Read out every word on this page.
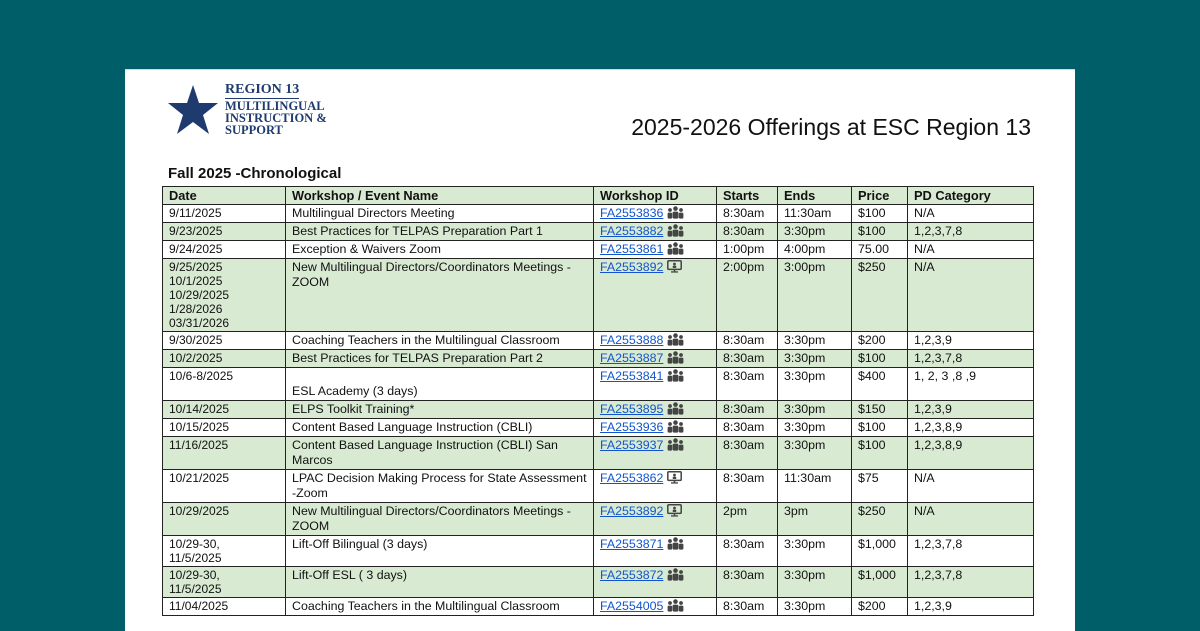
REGION 13
MULTILINGUAL
INSTRUCTION &
SUPPORT	2025-2026 Offerings at ESC Region 13
Fall 2025 -Chronological
Date	Workshop / Event Name	Workshop ID	Starts	Ends	Price	PD Category

9/11/2025	Multilingual Directors Meeting	FA2553836	8:30am	11:30am	$100	N/A

9/23/2025	Best Practices for TELPAS Preparation Part 1	FA2553882	8:30am	3:30pm	$100	1,2,3,7,8

9/24/2025	Exception & Waivers Zoom	FA2553861	1:00pm	4:00pm	75.00	N/A

9/25/2025
10/1/2025
10/29/2025
1/28/2026
03/31/2026	New Multilingual Directors/Coordinators Meetings -ZOOM	FA2553892	2:00pm	3:00pm	$250	N/A

9/30/2025	Coaching Teachers in the Multilingual Classroom	FA2553888	8:30am	3:30pm	$200	1,2,3,9

10/2/2025	Best Practices for TELPAS Preparation Part 2	FA2553887	8:30am	3:30pm	$100	1,2,3,7,8

10/6-8/2025	ESL Academy (3 days)	FA2553841	8:30am	3:30pm	$400	1, 2, 3 ,8 ,9

10/14/2025	ELPS Toolkit Training*	FA2553895	8:30am	3:30pm	$150	1,2,3,9

10/15/2025	Content Based Language Instruction (CBLI)	FA2553936	8:30am	3:30pm	$100	1,2,3,8,9

11/16/2025	Content Based Language Instruction (CBLI) San Marcos	FA2553937	8:30am	3:30pm	$100	1,2,3,8,9

10/21/2025	LPAC Decision Making Process for State Assessment -Zoom	FA2553862	8:30am	11:30am	$75	N/A

10/29/2025	New Multilingual Directors/Coordinators Meetings -ZOOM	FA2553892	2pm	3pm	$250	N/A

10/29-30,
11/5/2025	Lift-Off Bilingual (3 days)	FA2553871	8:30am	3:30pm	$1,000	1,2,3,7,8

10/29-30,
11/5/2025	Lift-Off ESL ( 3 days)	FA2553872	8:30am	3:30pm	$1,000	1,2,3,7,8

11/04/2025	Coaching Teachers in the Multilingual Classroom	FA2554005	8:30am	3:30pm	$200	1,2,3,9
